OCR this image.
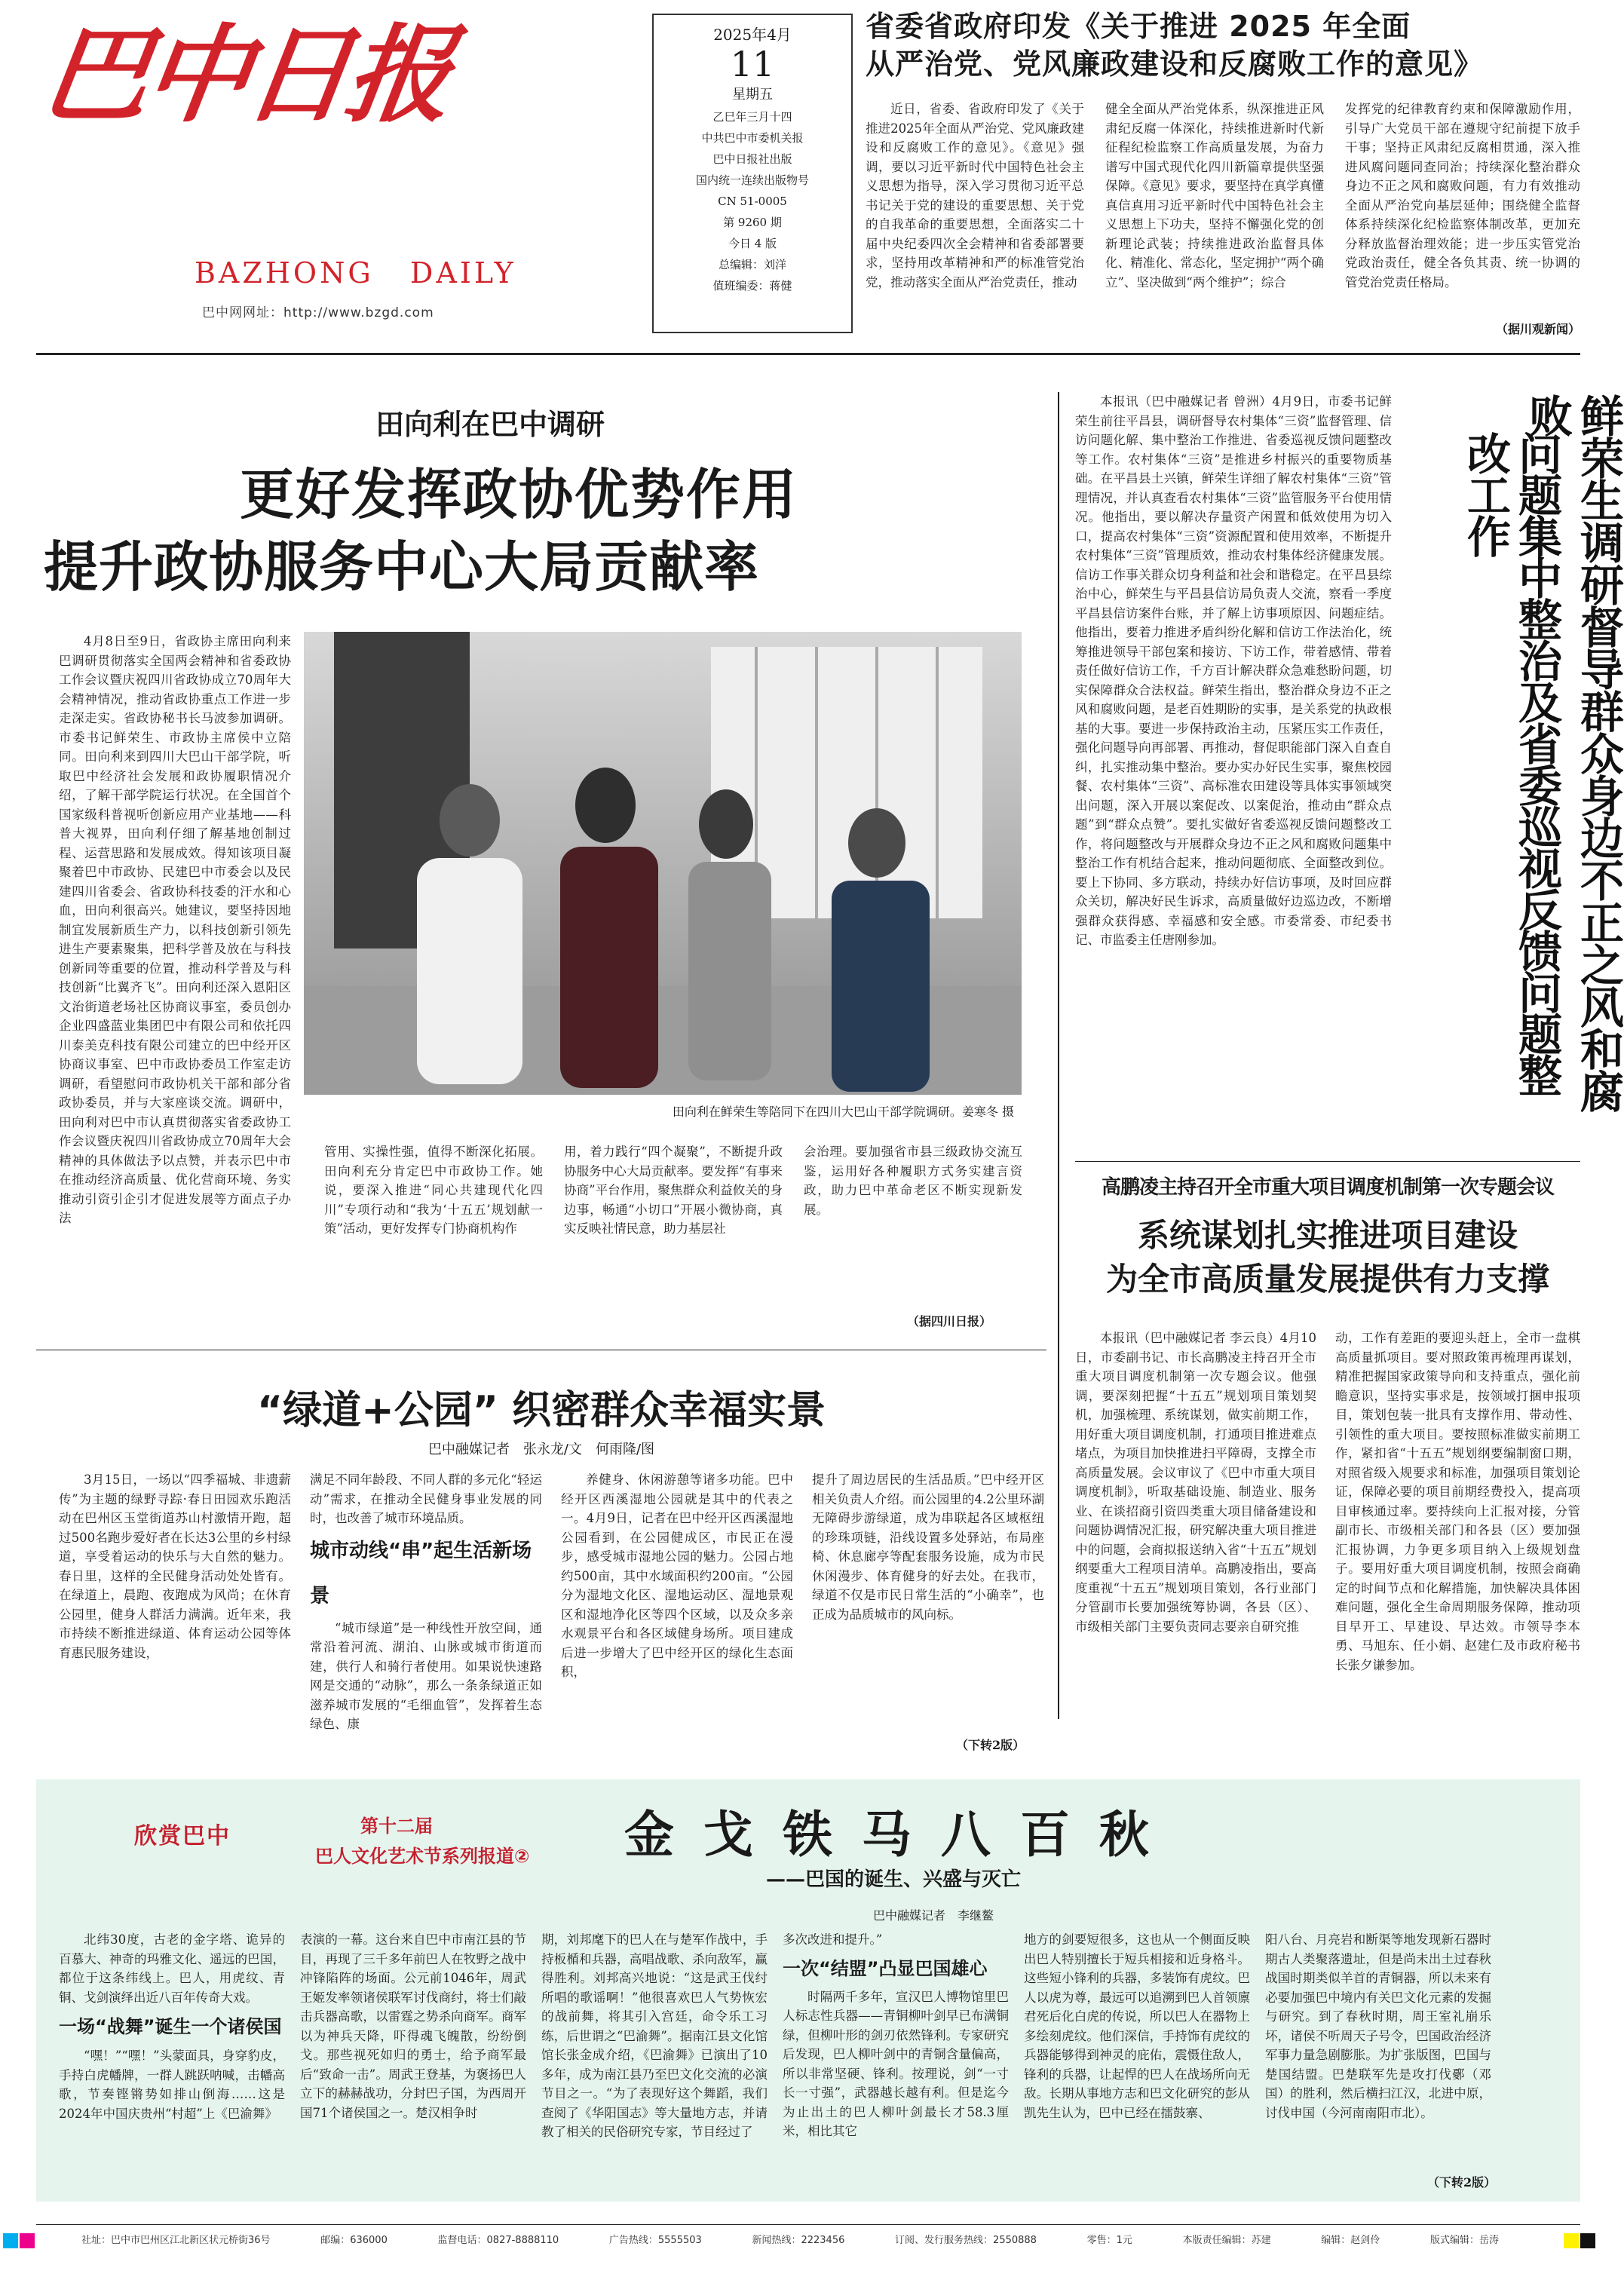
巴中日报
BAZHONG   DAILY
巴中网网址：http://www.bzgd.com
2025年4月
11
星期五
乙巳年三月十四
中共巴中市委机关报
巴中日报社出版
国内统一连续出版物号
CN 51-0005
第 9260 期
今日 4 版
总编辑：刘洋
值班编委：蒋健
省委省政府印发《关于推进 2025 年全面
从严治党、党风廉政建设和反腐败工作的意见》

近日，省委、省政府印发了《关于推进2025年全面从严治党、党风廉政建设和反腐败工作的意见》。《意见》强调，要以习近平新时代中国特色社会主义思想为指导，深入学习贯彻习近平总书记关于党的建设的重要思想、关于党的自我革命的重要思想，全面落实二十届中央纪委四次全会精神和省委部署要求，坚持用改革精神和严的标准管党治党，推动落实全面从严治党责任，推动

健全全面从严治党体系，纵深推进正风肃纪反腐一体深化，持续推进新时代新征程纪检监察工作高质量发展，为奋力谱写中国式现代化四川新篇章提供坚强保障。《意见》要求，要坚持在真学真懂真信真用习近平新时代中国特色社会主义思想上下功夫，坚持不懈强化党的创新理论武装；持续推进政治监督具体化、精准化、常态化，坚定拥护“两个确立”、坚决做到“两个维护”；综合

发挥党的纪律教育约束和保障激励作用，引导广大党员干部在遵规守纪前提下放手干事；坚持正风肃纪反腐相贯通，深入推进风腐问题同查同治；持续深化整治群众身边不正之风和腐败问题，有力有效推动全面从严治党向基层延伸；围绕健全监督体系持续深化纪检监察体制改革，更加充分释放监督治理效能；进一步压实管党治党政治责任，健全各负其责、统一协调的管党治党责任格局。

（据川观新闻）
田向利在巴中调研
更好发挥政协优势作用
提升政协服务中心大局贡献率

4月8日至9日，省政协主席田向利来巴调研贯彻落实全国两会精神和省委政协工作会议暨庆祝四川省政协成立70周年大会精神情况，推动省政协重点工作进一步走深走实。省政协秘书长马波参加调研。市委书记鲜荣生、市政协主席侯中立陪同。田向利来到四川大巴山干部学院，听取巴中经济社会发展和政协履职情况介绍，了解干部学院运行状况。在全国首个国家级科普视听创新应用产业基地——科普大视界，田向利仔细了解基地创制过程、运营思路和发展成效。得知该项目凝聚着巴中市政协、民建巴中市委会以及民建四川省委会、省政协科技委的汗水和心血，田向利很高兴。她建议，要坚持因地制宜发展新质生产力，以科技创新引领先进生产要素聚集，把科学普及放在与科技创新同等重要的位置，推动科学普及与科技创新“比翼齐飞”。田向利还深入恩阳区文治街道老场社区协商议事室，委员创办企业四盛蓝业集团巴中有限公司和依托四川泰美克科技有限公司建立的巴中经开区协商议事室、巴中市政协委员工作室走访调研，看望慰问市政协机关干部和部分省政协委员，并与大家座谈交流。调研中，田向利对巴中市认真贯彻落实省委政协工作会议暨庆祝四川省政协成立70周年大会精神的具体做法予以点赞，并表示巴中市在推动经济高质量、优化营商环境、务实推动引资引企引才促进发展等方面点子办法

田向利在鲜荣生等陪同下在四川大巴山干部学院调研。姜寒冬 摄

管用、实操性强，值得不断深化拓展。田向利充分肯定巴中市政协工作。她说，要深入推进“同心共建现代化四川”专项行动和“我为‘十五五’规划献一策”活动，更好发挥专门协商机构作

用，着力践行“四个凝聚”，不断提升政协服务中心大局贡献率。要发挥“有事来协商”平台作用，聚焦群众利益攸关的身边事，畅通“小切口”开展小微协商，真实反映社情民意，助力基层社

会治理。要加强省市县三级政协交流互鉴，运用好各种履职方式务实建言资政，助力巴中革命老区不断实现新发展。

（据四川日报）

本报讯（巴中融媒记者 曾洲）4月9日，市委书记鲜荣生前往平昌县，调研督导农村集体“三资”监督管理、信访问题化解、集中整治工作推进、省委巡视反馈问题整改等工作。农村集体“三资”是推进乡村振兴的重要物质基础。在平昌县土兴镇，鲜荣生详细了解农村集体“三资”管理情况，并认真查看农村集体“三资”监管服务平台使用情况。他指出，要以解决存量资产闲置和低效使用为切入口，提高农村集体“三资”资源配置和使用效率，不断提升农村集体“三资”管理质效，推动农村集体经济健康发展。信访工作事关群众切身利益和社会和谐稳定。在平昌县综治中心，鲜荣生与平昌县信访局负责人交流，察看一季度平昌县信访案件台账，并了解上访事项原因、问题症结。他指出，要着力推进矛盾纠纷化解和信访工作法治化，统筹推进领导干部包案和接访、下访工作，带着感情、带着责任做好信访工作，千方百计解决群众急难愁盼问题，切实保障群众合法权益。鲜荣生指出，整治群众身边不正之风和腐败问题，是老百姓期盼的实事，是关系党的执政根基的大事。要进一步保持政治主动，压紧压实工作责任，强化问题导向再部署、再推动，督促职能部门深入自查自纠，扎实推动集中整治。要办实办好民生实事，聚焦校园餐、农村集体“三资”、高标准农田建设等具体实事领域突出问题，深入开展以案促改、以案促治，推动由“群众点题”到“群众点赞”。要扎实做好省委巡视反馈问题整改工作，将问题整改与开展群众身边不正之风和腐败问题集中整治工作有机结合起来，推动问题彻底、全面整改到位。要上下协同、多方联动，持续办好信访事项，及时回应群众关切，解决好民生诉求，高质量做好边巡边改，不断增强群众获得感、幸福感和安全感。市委常委、市纪委书记、市监委主任唐刚参加。	鲜荣生调研督导群众身边不正之风和腐败
问题集中整治及省委巡视反馈问题整改工作
高鹏凌主持召开全市重大项目调度机制第一次专题会议
系统谋划扎实推进项目建设
为全市高质量发展提供有力支撑

本报讯（巴中融媒记者 李云良）4月10日，市委副书记、市长高鹏凌主持召开全市重大项目调度机制第一次专题会议。他强调，要深刻把握“十五五”规划项目策划契机，加强梳理、系统谋划，做实前期工作，用好重大项目调度机制，打通项目推进难点堵点，为项目加快推进扫平障碍，支撑全市高质量发展。会议审议了《巴中市重大项目调度机制》，听取基础设施、制造业、服务业、在谈招商引资四类重大项目储备建设和问题协调情况汇报，研究解决重大项目推进中的问题，会商拟报送纳入省“十五五”规划纲要重大工程项目清单。高鹏凌指出，要高度重视“十五五”规划项目策划，各行业部门分管副市长要加强统筹协调，各县（区）、市级相关部门主要负责同志要亲自研究推

动，工作有差距的要迎头赶上，全市一盘棋高质量抓项目。要对照政策再梳理再谋划，精准把握国家政策导向和支持重点，强化前瞻意识，坚持实事求是，按领域打捆申报项目，策划包装一批具有支撑作用、带动性、引领性的重大项目。要按照标准做实前期工作，紧扣省“十五五”规划纲要编制窗口期，对照省级入规要求和标准，加强项目策划论证，保障必要的项目前期经费投入，提高项目审核通过率。要持续向上汇报对接，分管副市长、市级相关部门和各县（区）要加强汇报协调，力争更多项目纳入上级规划盘子。要用好重大项目调度机制，按照会商确定的时间节点和化解措施，加快解决具体困难问题，强化全生命周期服务保障，推动项目早开工、早建设、早达效。市领导李本勇、马旭东、任小娟、赵建仁及市政府秘书长张夕谦参加。

“绿道+公园” 织密群众幸福实景
巴中融媒记者　张永龙/文　何雨隆/图

3月15日，一场以“四季福城、非遗薪传”为主题的绿野寻踪·春日田园欢乐跑活动在巴州区玉堂街道苏山村激情开跑，超过500名跑步爱好者在长达3公里的乡村绿道，享受着运动的快乐与大自然的魅力。春日里，这样的全民健身活动处处皆有。在绿道上，晨跑、夜跑成为风尚；在休育公园里，健身人群活力满满。近年来，我市持续不断推进绿道、体育运动公园等体育惠民服务建设，

满足不同年龄段、不同人群的多元化“轻运动”需求，在推动全民健身事业发展的同时，也改善了城市环境品质。

城市动线“串”起生活新场景

“城市绿道”是一种线性开放空间，通常沿着河流、湖泊、山脉或城市街道而建，供行人和骑行者使用。如果说快速路网是交通的“动脉”，那么一条条绿道正如滋养城市发展的“毛细血管”，发挥着生态绿色、康

养健身、休闲游憩等诸多功能。巴中经开区西溪湿地公园就是其中的代表之一。4月9日，记者在巴中经开区西溪湿地公园看到，在公园健成区，市民正在漫步，感受城市湿地公园的魅力。公园占地约500亩，其中水域面积约200亩。“公园分为湿地文化区、湿地运动区、湿地景观区和湿地净化区等四个区域，以及众多亲水观景平台和各区域健身场所。项目建成后进一步增大了巴中经开区的绿化生态面积，

提升了周边居民的生活品质。”巴中经开区相关负责人介绍。而公园里的4.2公里环湖无障碍步游绿道，成为串联起各区域枢纽的珍珠项链，沿线设置多处驿站，布局座椅、休息廊亭等配套服务设施，成为市民休闲漫步、体育健身的好去处。在我市，绿道不仅是市民日常生活的“小确幸”，也正成为品质城市的风向标。

（下转2版）
欣赏巴中	第十二届
巴人文化艺术节系列报道② 金 戈 铁 马 八 百 秋
——巴国的诞生、兴盛与灭亡
巴中融媒记者　李继鳌

北纬30度，古老的金字塔、诡异的百慕大、神奇的玛雅文化、遥远的巴国，都位于这条纬线上。巴人，用虎纹、青铜、戈剑演绎出近八百年传奇大戏。

一场“战舞”诞生一个诸侯国

“嘿！”“嘿！”头蒙面具，身穿豹皮，手持白虎幡牌，一群人跳跃呐喊，击幡高歌，节奏铿锵势如排山倒海……这是2024年中国庆贵州“村超”上《巴渝舞》

表演的一幕。这台来自巴中市南江县的节目，再现了三千多年前巴人在牧野之战中冲锋陷阵的场面。公元前1046年，周武王姬发率领诸侯联军讨伐商纣，将士们敲击兵器高歌，以雷霆之势杀向商军。商军以为神兵天降，吓得魂飞魄散，纷纷倒戈。那些视死如归的勇士，给予商军最后“致命一击”。周武王登基，为褒扬巴人立下的赫赫战功，分封巴子国，为西周开国71个诸侯国之一。楚汉相争时

期，刘邦麾下的巴人在与楚军作战中，手持板楯和兵器，高唱战歌、杀向敌军，赢得胜利。刘邦高兴地说：“这是武王伐纣所唱的歌谣啊！”他很喜欢巴人气势恢宏的战前舞，将其引入宫廷，命令乐工习练，后世谓之“巴渝舞”。据南江县文化馆馆长张金成介绍，《巴渝舞》已演出了10多年，成为南江县乃至巴文化交流的必演节目之一。“为了表现好这个舞蹈，我们查阅了《华阳国志》等大量地方志，并请教了相关的民俗研究专家，节目经过了

多次改进和提升。”

一次“结盟”凸显巴国雄心

时隔两千多年，宣汉巴人博物馆里巴人标志性兵器——青铜柳叶剑早已布满铜绿，但柳叶形的剑刃依然锋利。专家研究后发现，巴人柳叶剑中的青铜含量偏高，所以非常坚硬、锋利。按理说，剑“一寸长一寸强”，武器越长越有利。但是迄今为止出土的巴人柳叶剑最长才58.3厘米，相比其它

地方的剑要短很多，这也从一个侧面反映出巴人特别擅长于短兵相接和近身格斗。这些短小锋利的兵器，多装饰有虎纹。巴人以虎为尊，最远可以追溯到巴人首领廪君死后化白虎的传说，所以巴人在器物上多绘刻虎纹。他们深信，手持饰有虎纹的兵器能够得到神灵的庇佑，震慑住敌人，锋利的兵器，让起悍的巴人在战场所向无敌。长期从事地方志和巴文化研究的彭从凯先生认为，巴中已经在擂鼓寨、

阳八台、月亮岩和断渠等地发现新石器时期古人类聚落遗址，但是尚未出土过春秋战国时期类似羊首的青铜器，所以未来有必要加强巴中境内有关巴文化元素的发掘与研究。到了春秋时期，周王室礼崩乐坏，诸侯不听周天子号令，巴国政治经济军事力量急剧膨胀。为扩张版图，巴国与楚国结盟。巴楚联军先是攻打伐鄾（邓国）的胜利，然后横扫江汉，北进中原，讨伐申国（今河南南阳市北）。

（下转2版）
社址：巴中市巴州区江北新区状元桥街36号	邮编：636000	监督电话：0827-8888110	广告热线：5555503	新闻热线：2223456	订阅、发行服务热线：2550888	零售：1元	本版责任编辑：苏建	编辑：赵剑伶	版式编辑：岳涛
